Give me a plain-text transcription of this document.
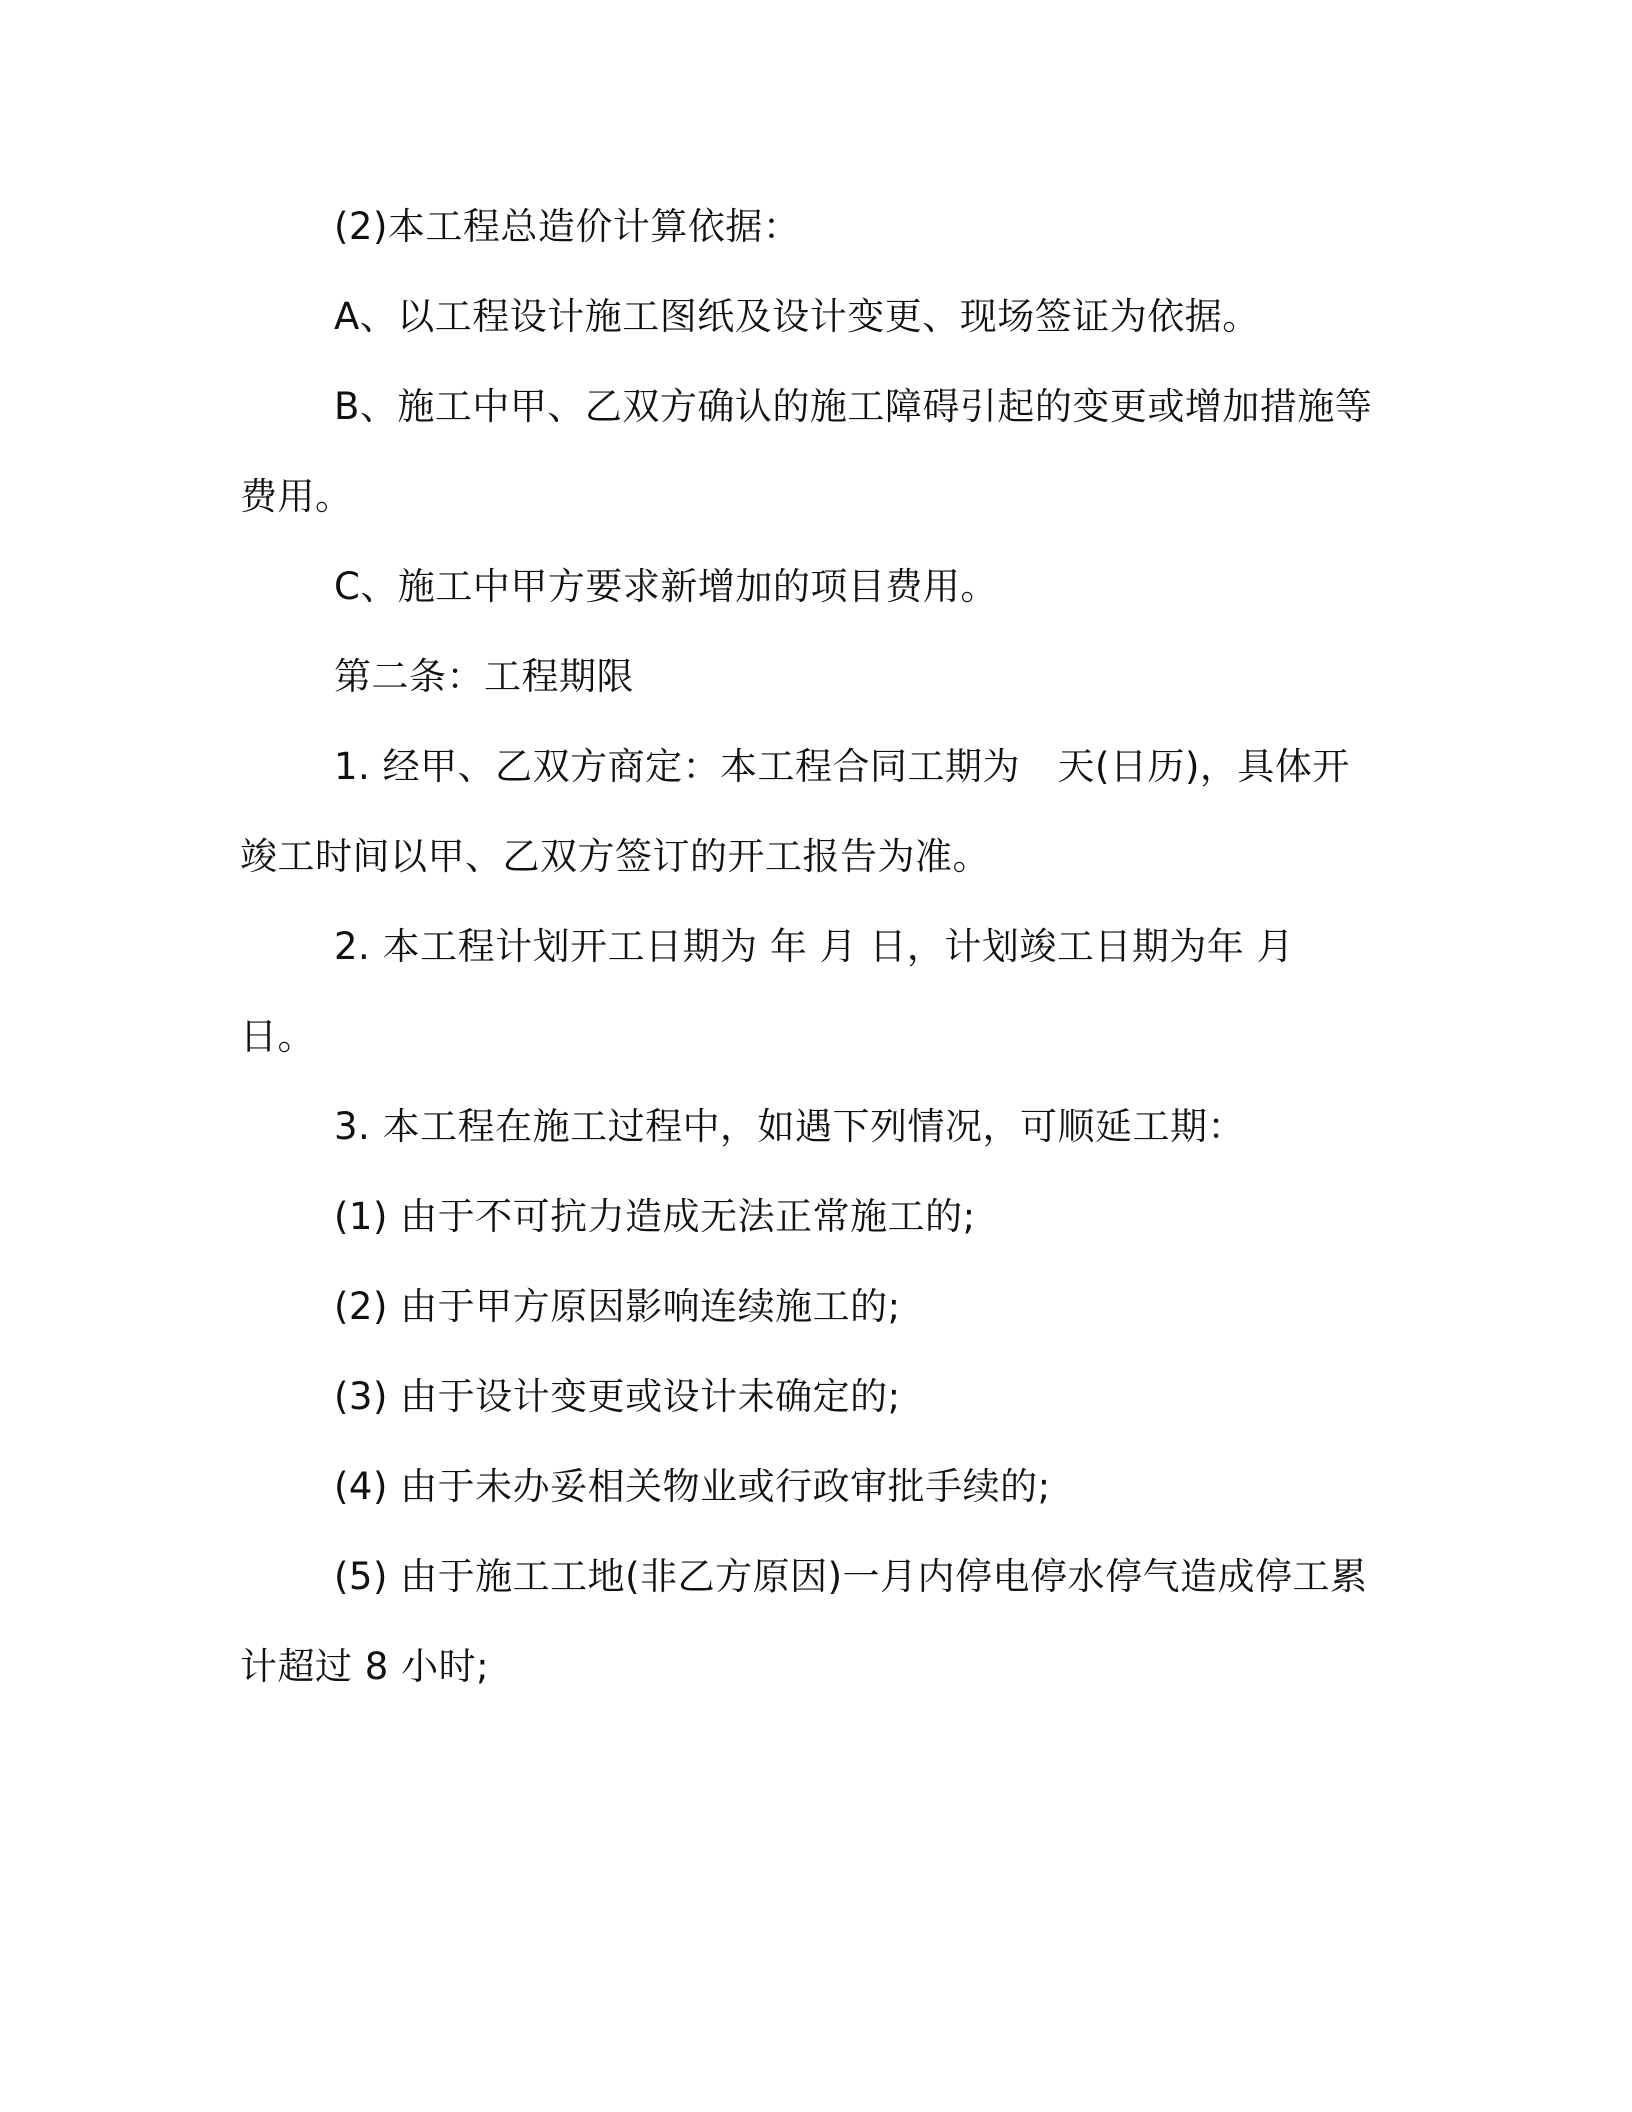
(2)本工程总造价计算依据：

A、以工程设计施工图纸及设计变更、现场签证为依据。

B、施工中甲、乙双方确认的施工障碍引起的变更或增加措施等费用。

C、施工中甲方要求新增加的项目费用。

第二条：工程期限

1. 经甲、乙双方商定：本工程合同工期为　天(日历)，具体开竣工时间以甲、乙双方签订的开工报告为准。

2. 本工程计划开工日期为 年 月 日，计划竣工日期为年 月 日。

3. 本工程在施工过程中，如遇下列情况，可顺延工期：

(1) 由于不可抗力造成无法正常施工的;

(2) 由于甲方原因影响连续施工的;

(3) 由于设计变更或设计未确定的;

(4) 由于未办妥相关物业或行政审批手续的;

(5) 由于施工工地(非乙方原因)一月内停电停水停气造成停工累计超过 8 小时;
